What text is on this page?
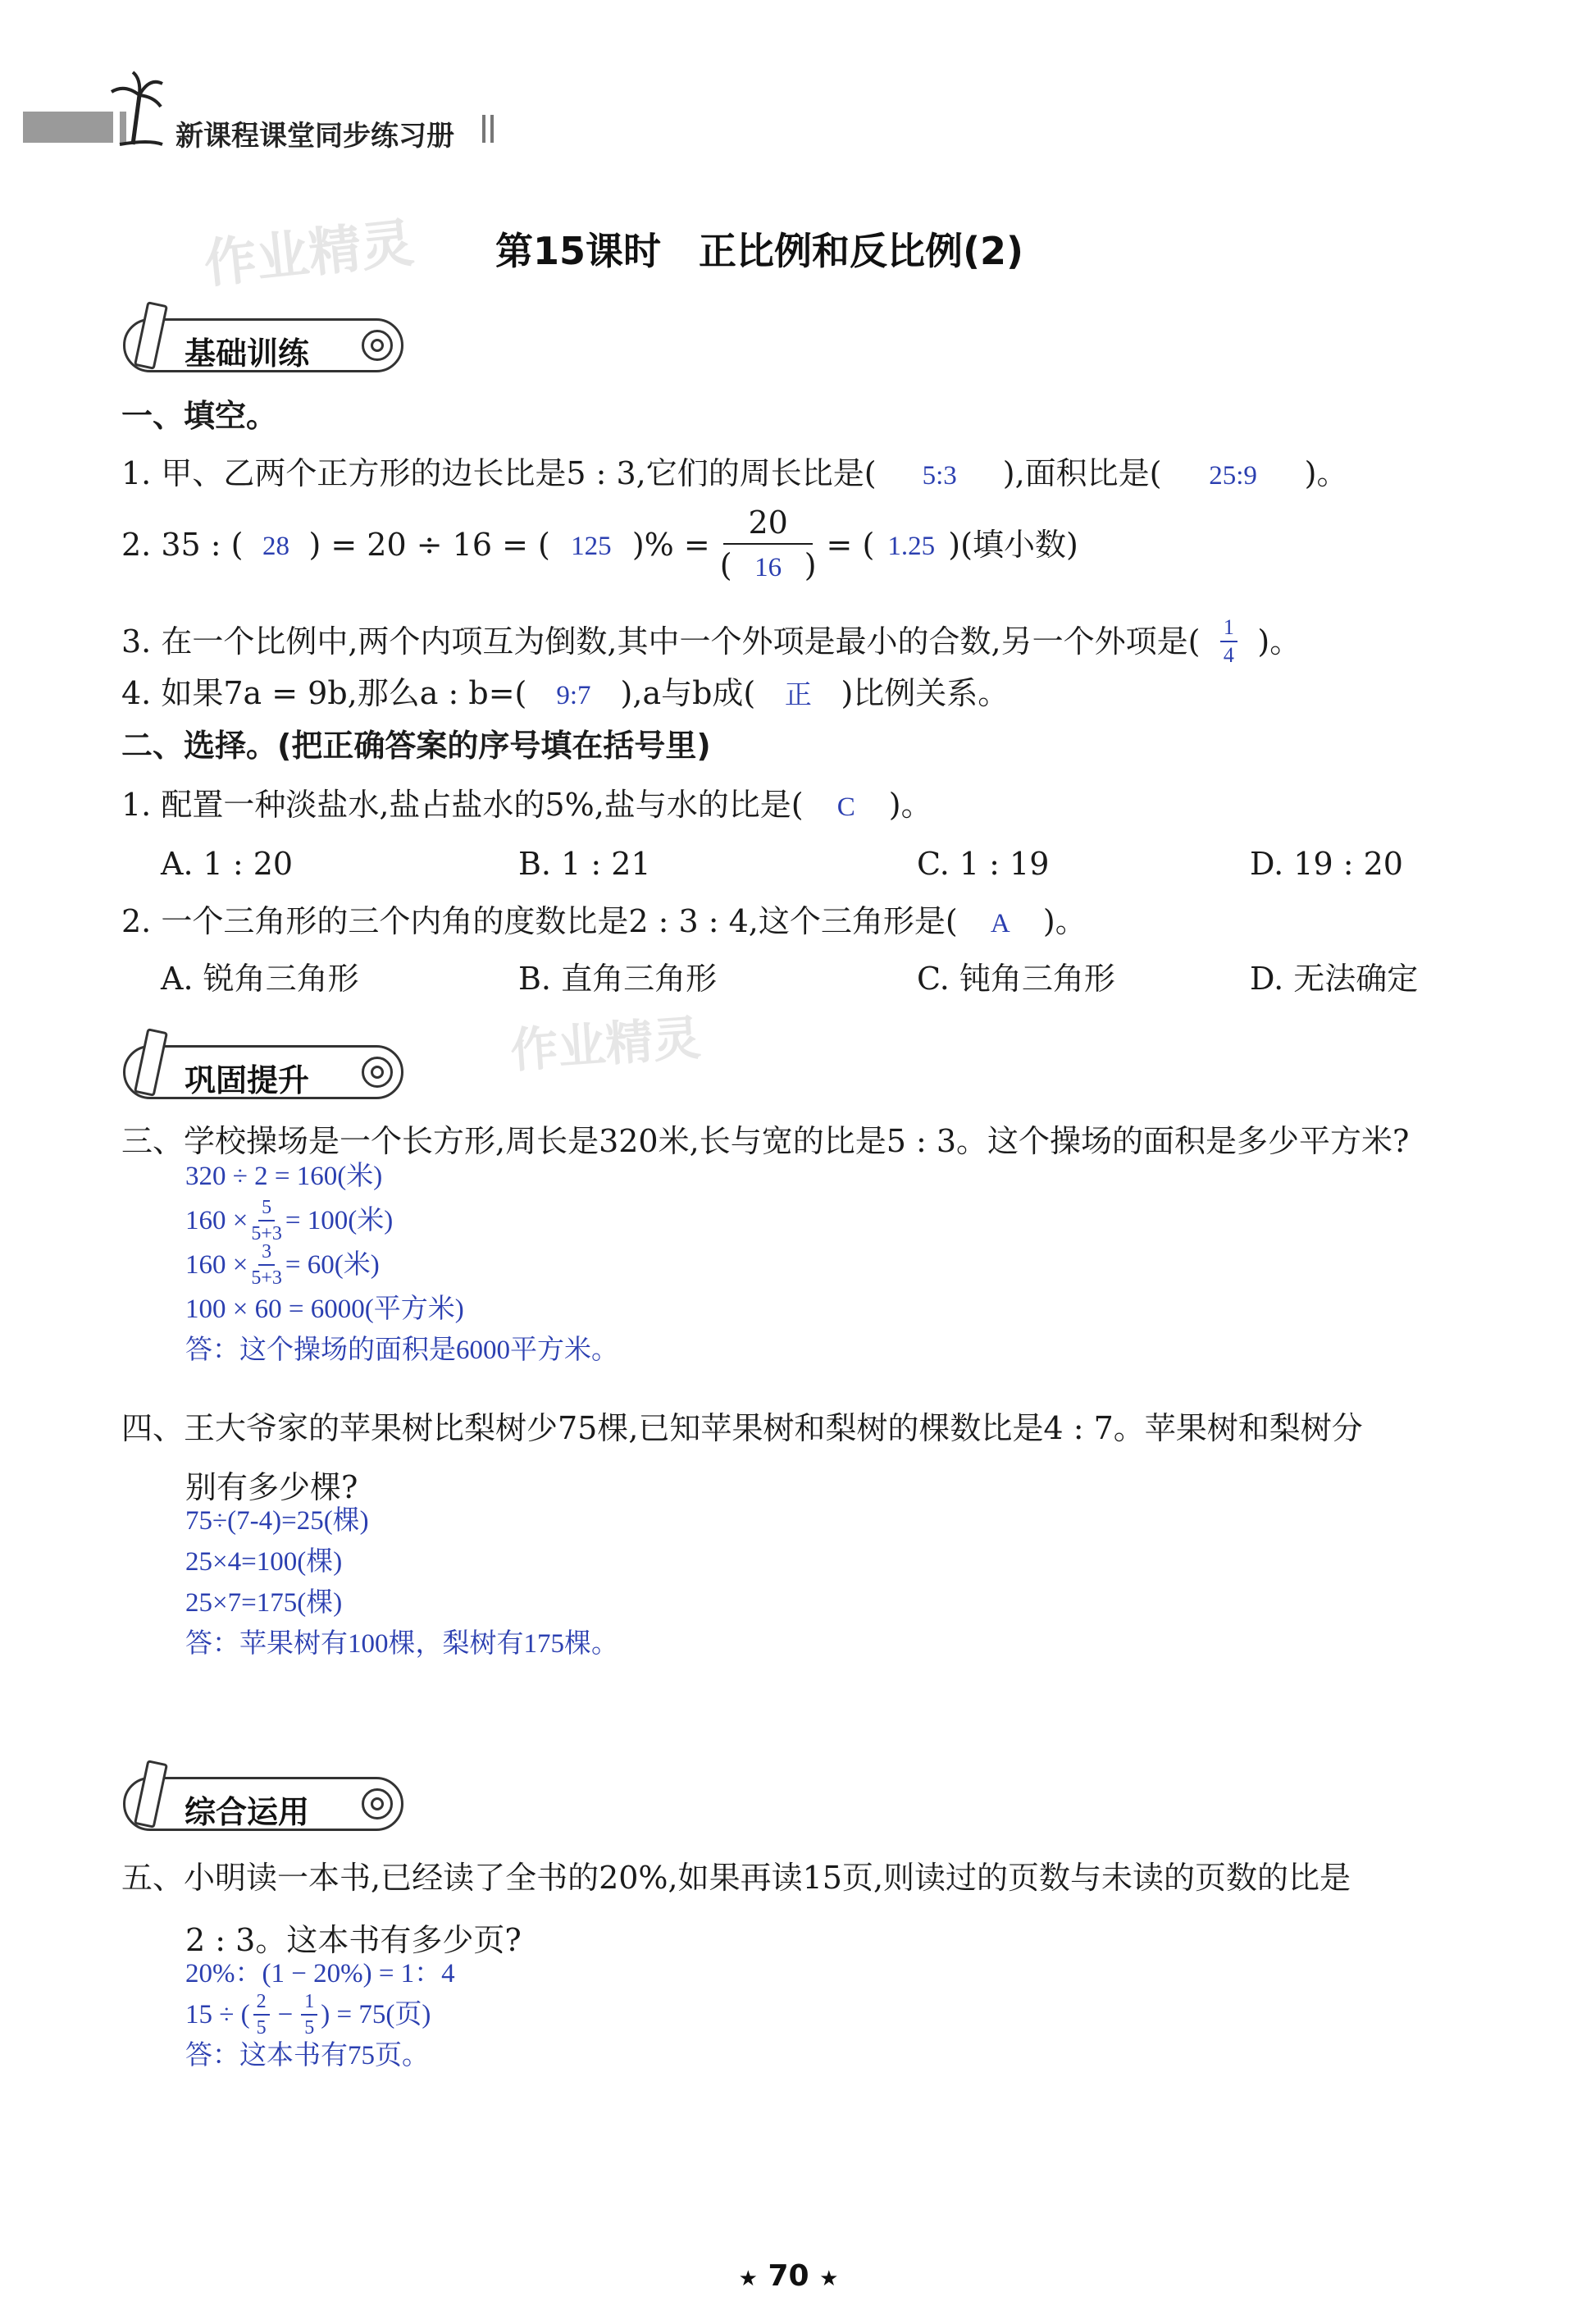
新课程课堂同步练习册
作业精灵 第15课时　正比例和反比例(2)
基础训练
一、填空。
1. 甲、乙两个正方形的边长比是5 : 3,它们的周长比是( 5:3 ),面积比是( 25:9 )。
2. 35 : ( 28 ) = 20 ÷ 16 = ( 125 )% = $\frac{20}{( 16 )}$ = ( 1.25 )(填小数)
3. 在一个比例中,两个内项互为倒数,其中一个外项是最小的合数,另一个外项是( $\frac{1}{4}$ )。
4. 如果7a = 9b,那么a : b=( 9:7 ),a与b成( 正 )比例关系。
二、选择。(把正确答案的序号填在括号里)
1. 配置一种淡盐水,盐占盐水的5%,盐与水的比是( C )。
A. 1 : 20	B. 1 : 21	C. 1 : 19	D. 19 : 20
2. 一个三角形的三个内角的度数比是2 : 3 : 4,这个三角形是( A )。
A. 锐角三角形	B. 直角三角形	C. 钝角三角形	D. 无法确定
巩固提升
作业精灵
三、学校操场是一个长方形,周长是320米,长与宽的比是5 : 3。这个操场的面积是多少平方米?
320 ÷ 2 = 160(米)
$160 \times \frac{5}{5+3} = 100$(米)
$160 \times \frac{3}{5+3} = 60$(米)
100 × 60 = 6000(平方米)
答：这个操场的面积是6000平方米。
四、王大爷家的苹果树比梨树少75棵,已知苹果树和梨树的棵数比是4 : 7。苹果树和梨树分
别有多少棵?
75÷(7-4)=25(棵)
25×4=100(棵)
25×7=175(棵)
答：苹果树有100棵，梨树有175棵。
综合运用
五、小明读一本书,已经读了全书的20%,如果再读15页,则读过的页数与未读的页数的比是
2 : 3。这本书有多少页?
20%：(1 − 20%) = 1：4
15 ÷ ( $\frac{2}{5} - \frac{1}{5}$ ) = 75(页)
答：这本书有75页。
★ 70 ★
